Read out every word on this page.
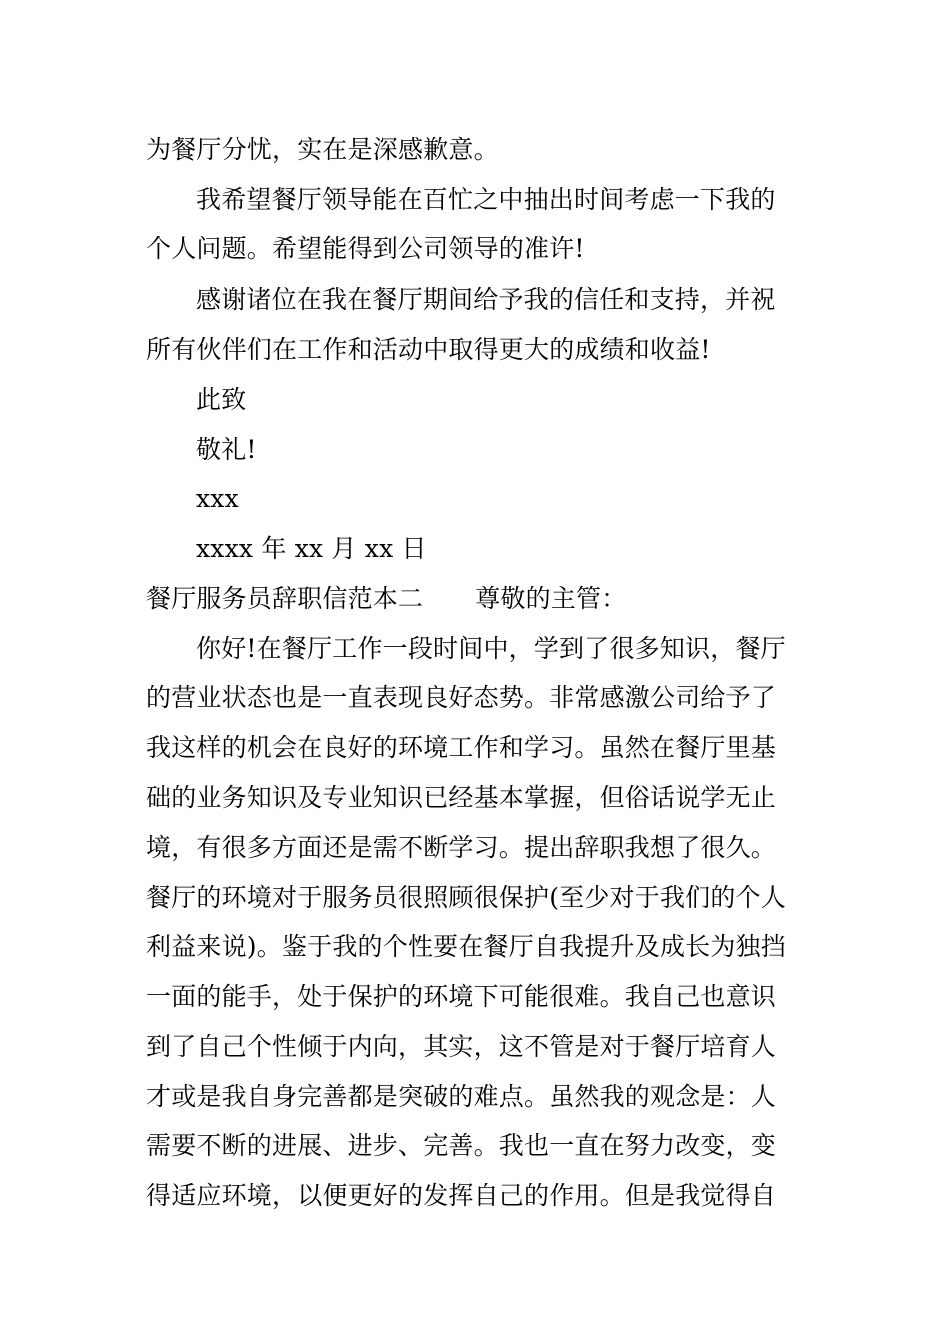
为餐厅分忧，实在是深感歉意。
我希望餐厅领导能在百忙之中抽出时间考虑一下我的
个人问题。希望能得到公司领导的准许!
感谢诸位在我在餐厅期间给予我的信任和支持，并祝
所有伙伴们在工作和活动中取得更大的成绩和收益!
此致
敬礼!
xxx
xxxx 年 xx 月 xx 日
餐厅服务员辞职信范本二 尊敬的主管：
你好!在餐厅工作一段时间中，学到了很多知识，餐厅
的营业状态也是一直表现良好态势。非常感激公司给予了
我这样的机会在良好的环境工作和学习。虽然在餐厅里基
础的业务知识及专业知识已经基本掌握，但俗话说学无止
境，有很多方面还是需不断学习。提出辞职我想了很久。
餐厅的环境对于服务员很照顾很保护(至少对于我们的个人
利益来说)。鉴于我的个性要在餐厅自我提升及成长为独挡
一面的能手，处于保护的环境下可能很难。我自己也意识
到了自己个性倾于内向，其实，这不管是对于餐厅培育人
才或是我自身完善都是突破的难点。虽然我的观念是：人
需要不断的进展、进步、完善。我也一直在努力改变，变
得适应环境，以便更好的发挥自己的作用。但是我觉得自
